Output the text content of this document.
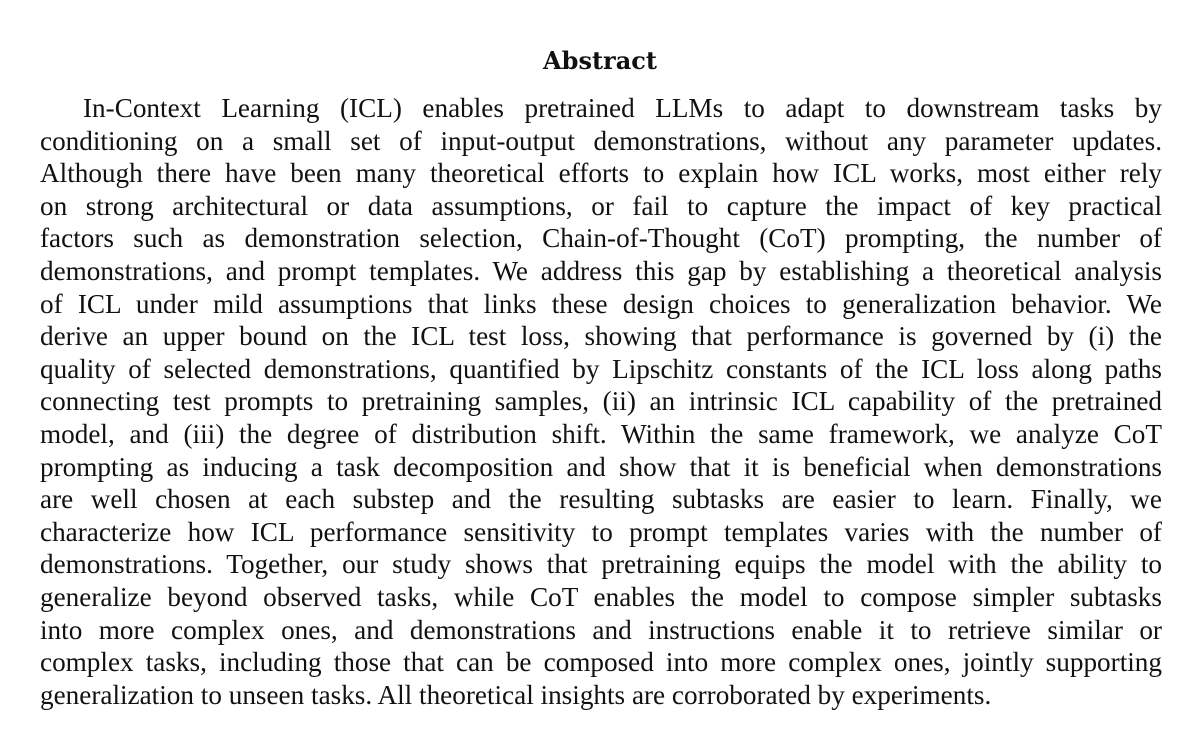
Abstract
In-Context Learning (ICL) enables pretrained LLMs to adapt to downstream tasks by
conditioning on a small set of input-output demonstrations, without any parameter updates.
Although there have been many theoretical efforts to explain how ICL works, most either rely
on strong architectural or data assumptions, or fail to capture the impact of key practical
factors such as demonstration selection, Chain-of-Thought (CoT) prompting, the number of
demonstrations, and prompt templates. We address this gap by establishing a theoretical analysis
of ICL under mild assumptions that links these design choices to generalization behavior. We
derive an upper bound on the ICL test loss, showing that performance is governed by (i) the
quality of selected demonstrations, quantified by Lipschitz constants of the ICL loss along paths
connecting test prompts to pretraining samples, (ii) an intrinsic ICL capability of the pretrained
model, and (iii) the degree of distribution shift. Within the same framework, we analyze CoT
prompting as inducing a task decomposition and show that it is beneficial when demonstrations
are well chosen at each substep and the resulting subtasks are easier to learn. Finally, we
characterize how ICL performance sensitivity to prompt templates varies with the number of
demonstrations. Together, our study shows that pretraining equips the model with the ability to
generalize beyond observed tasks, while CoT enables the model to compose simpler subtasks
into more complex ones, and demonstrations and instructions enable it to retrieve similar or
complex tasks, including those that can be composed into more complex ones, jointly supporting
generalization to unseen tasks. All theoretical insights are corroborated by experiments.
